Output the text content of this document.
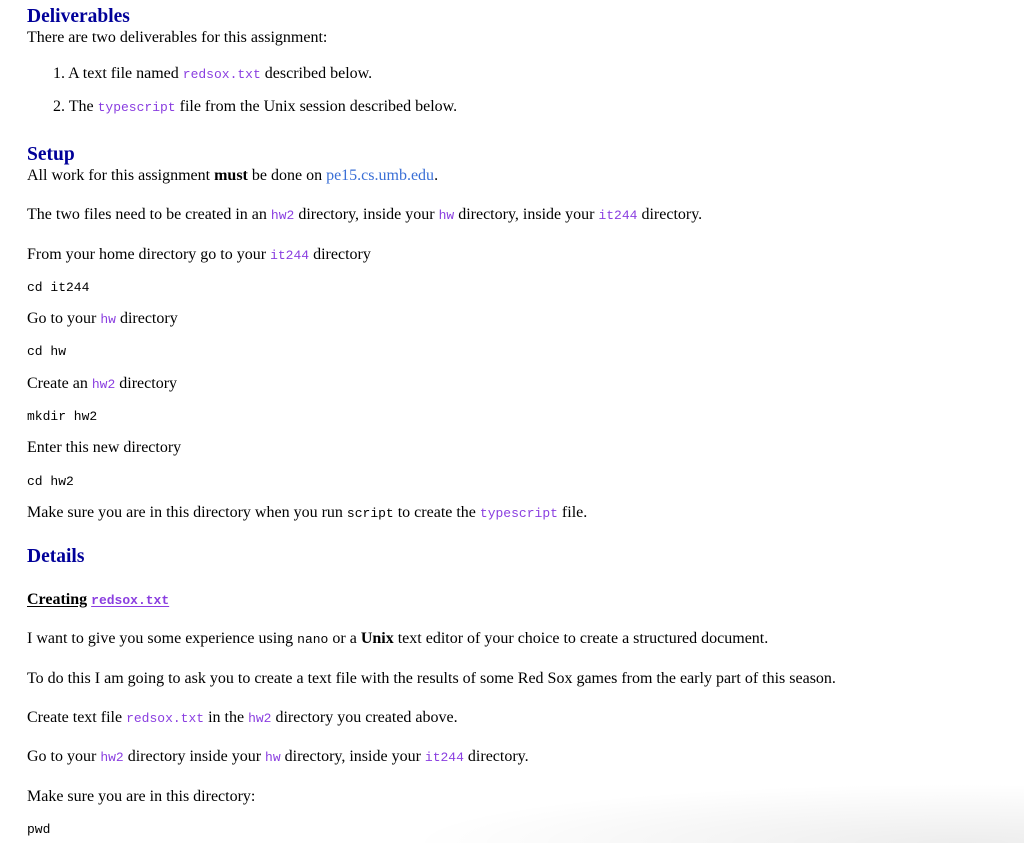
Deliverables
There are two deliverables for this assignment:
1. A text file named redsox.txt described below.
2. The typescript file from the Unix session described below.
Setup
All work for this assignment must be done on pe15.cs.umb.edu.
The two files need to be created in an hw2 directory, inside your hw directory, inside your it244 directory.
From your home directory go to your it244 directory
cd it244
Go to your hw directory
cd hw
Create an hw2 directory
mkdir hw2
Enter this new directory
cd hw2
Make sure you are in this directory when you run script to create the typescript file.
Details
Creating redsox.txt
I want to give you some experience using nano or a Unix text editor of your choice to create a structured document.
To do this I am going to ask you to create a text file with the results of some Red Sox games from the early part of this season.
Create text file redsox.txt in the hw2 directory you created above.
Go to your hw2 directory inside your hw directory, inside your it244 directory.
Make sure you are in this directory:
pwd
